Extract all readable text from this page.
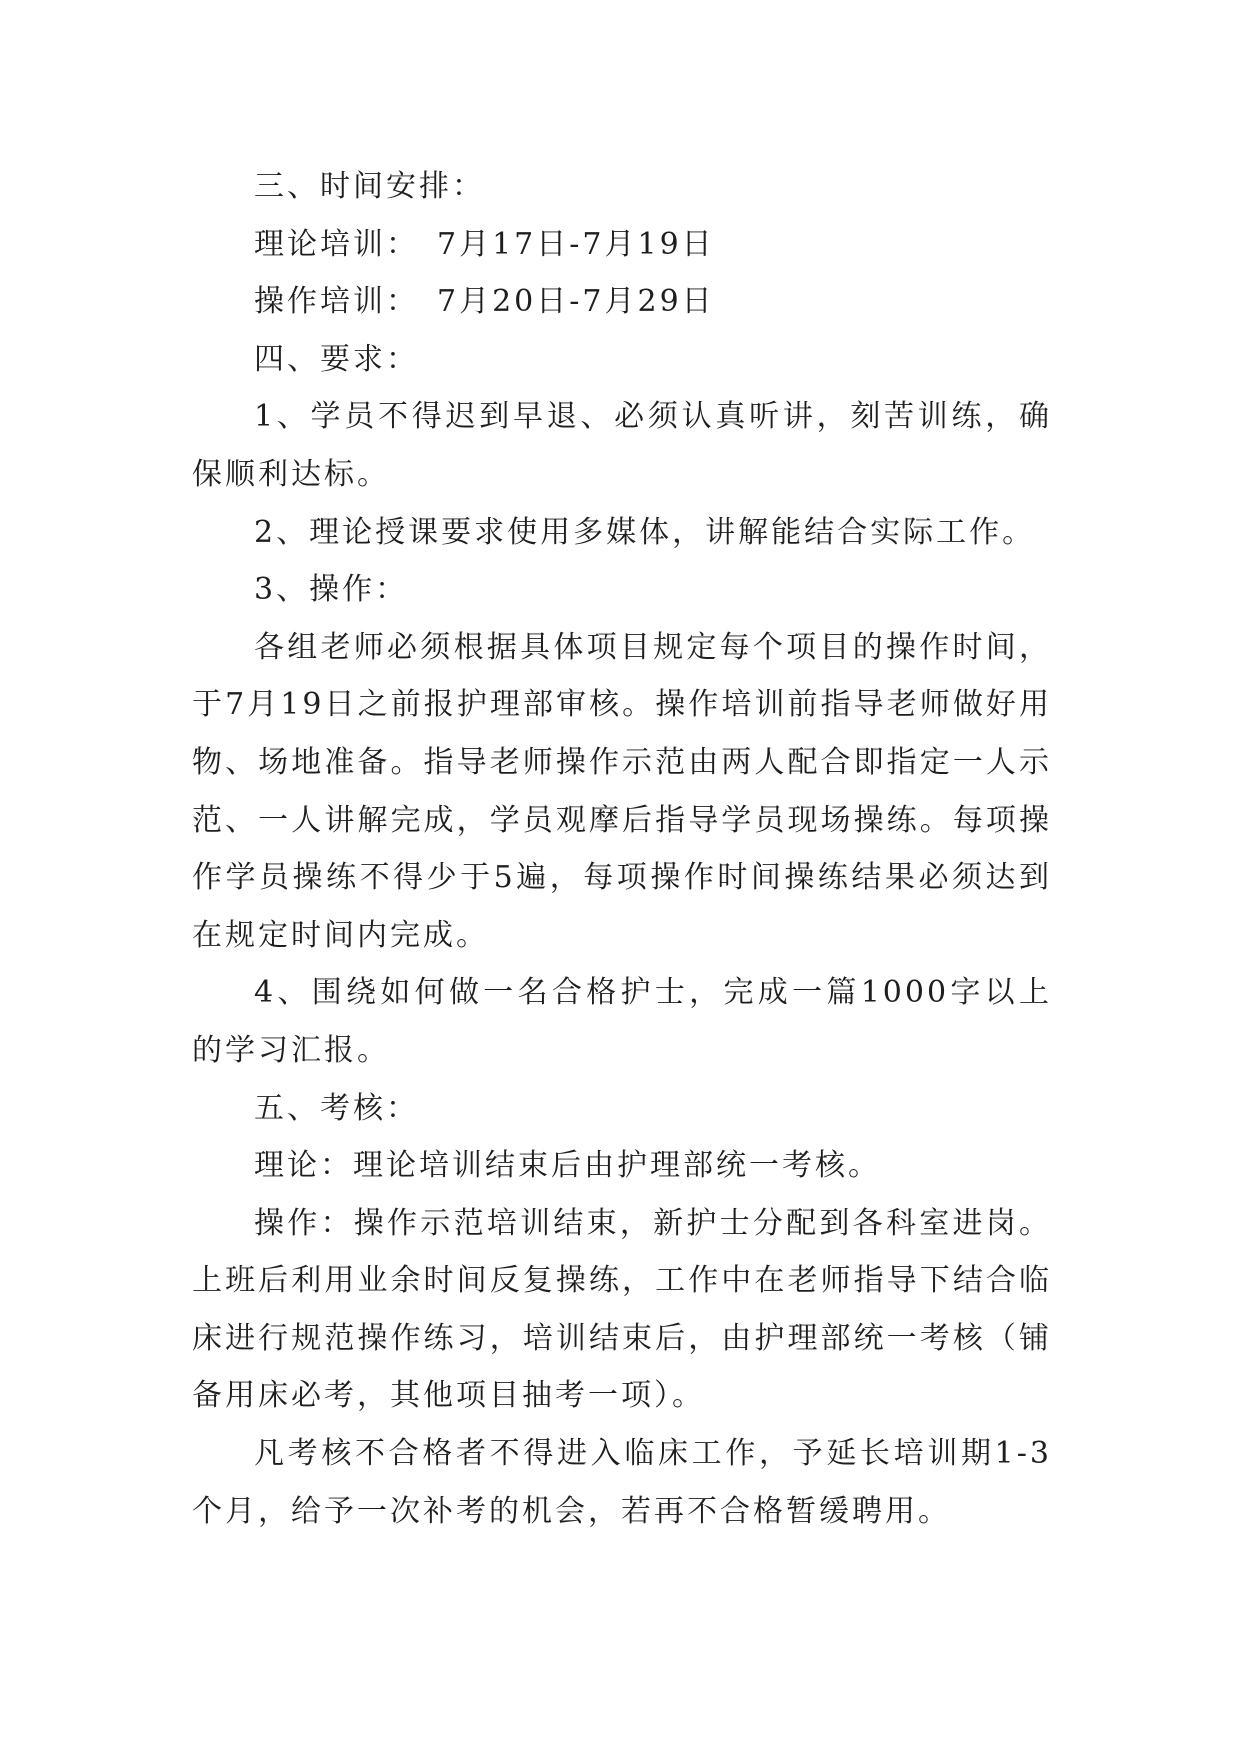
三、时间安排：

理论培训：　7月17日-7月19日

操作培训：　7月20日-7月29日

四、要求：

1、学员不得迟到早退、必须认真听讲，刻苦训练，确保顺利达标。

2、理论授课要求使用多媒体，讲解能结合实际工作。

3、操作：

各组老师必须根据具体项目规定每个项目的操作时间，于7月19日之前报护理部审核。操作培训前指导老师做好用物、场地准备。指导老师操作示范由两人配合即指定一人示范、一人讲解完成，学员观摩后指导学员现场操练。每项操作学员操练不得少于5遍，每项操作时间操练结果必须达到在规定时间内完成。

4、围绕如何做一名合格护士，完成一篇1000字以上的学习汇报。

五、考核：

理论：理论培训结束后由护理部统一考核。

操作：操作示范培训结束，新护士分配到各科室进岗。上班后利用业余时间反复操练，工作中在老师指导下结合临床进行规范操作练习，培训结束后，由护理部统一考核（铺备用床必考，其他项目抽考一项）。

凡考核不合格者不得进入临床工作，予延长培训期1-3个月，给予一次补考的机会，若再不合格暂缓聘用。
